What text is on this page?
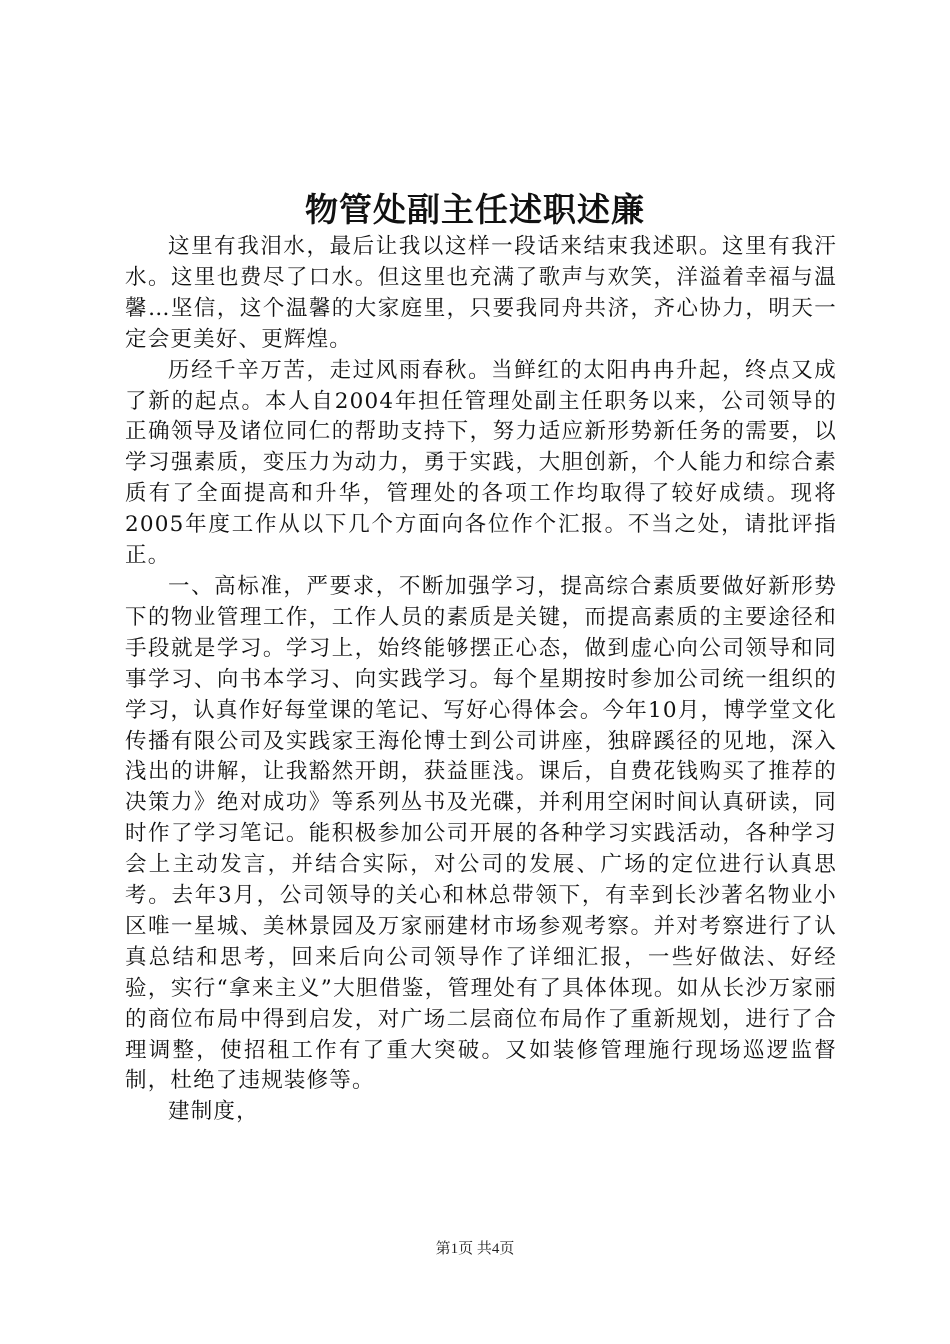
物管处副主任述职述廉

这里有我泪水，最后让我以这样一段话来结束我述职。这里有我汗水。这里也费尽了口水。但这里也充满了歌声与欢笑，洋溢着幸福与温馨…坚信，这个温馨的大家庭里，只要我同舟共济，齐心协力，明天一定会更美好、更辉煌。

历经千辛万苦，走过风雨春秋。当鲜红的太阳冉冉升起，终点又成了新的起点。本人自2004年担任管理处副主任职务以来，公司领导的正确领导及诸位同仁的帮助支持下，努力适应新形势新任务的需要，以学习强素质，变压力为动力，勇于实践，大胆创新，个人能力和综合素质有了全面提高和升华，管理处的各项工作均取得了较好成绩。现将2005年度工作从以下几个方面向各位作个汇报。不当之处，请批评指正。

一、高标准，严要求，不断加强学习，提高综合素质要做好新形势下的物业管理工作，工作人员的素质是关键，而提高素质的主要途径和手段就是学习。学习上，始终能够摆正心态，做到虚心向公司领导和同事学习、向书本学习、向实践学习。每个星期按时参加公司统一组织的学习，认真作好每堂课的笔记、写好心得体会。今年10月，博学堂文化传播有限公司及实践家王海伦博士到公司讲座，独辟蹊径的见地，深入浅出的讲解，让我豁然开朗，获益匪浅。课后，自费花钱购买了推荐的决策力》绝对成功》等系列丛书及光碟，并利用空闲时间认真研读，同时作了学习笔记。能积极参加公司开展的各种学习实践活动，各种学习会上主动发言，并结合实际，对公司的发展、广场的定位进行认真思考。去年3月，公司领导的关心和林总带领下，有幸到长沙著名物业小区唯一星城、美林景园及万家丽建材市场参观考察。并对考察进行了认真总结和思考，回来后向公司领导作了详细汇报，一些好做法、好经验，实行“拿来主义”大胆借鉴，管理处有了具体体现。如从长沙万家丽的商位布局中得到启发，对广场二层商位布局作了重新规划，进行了合理调整，使招租工作有了重大突破。又如装修管理施行现场巡逻监督制，杜绝了违规装修等。

建制度，

第1页 共4页
